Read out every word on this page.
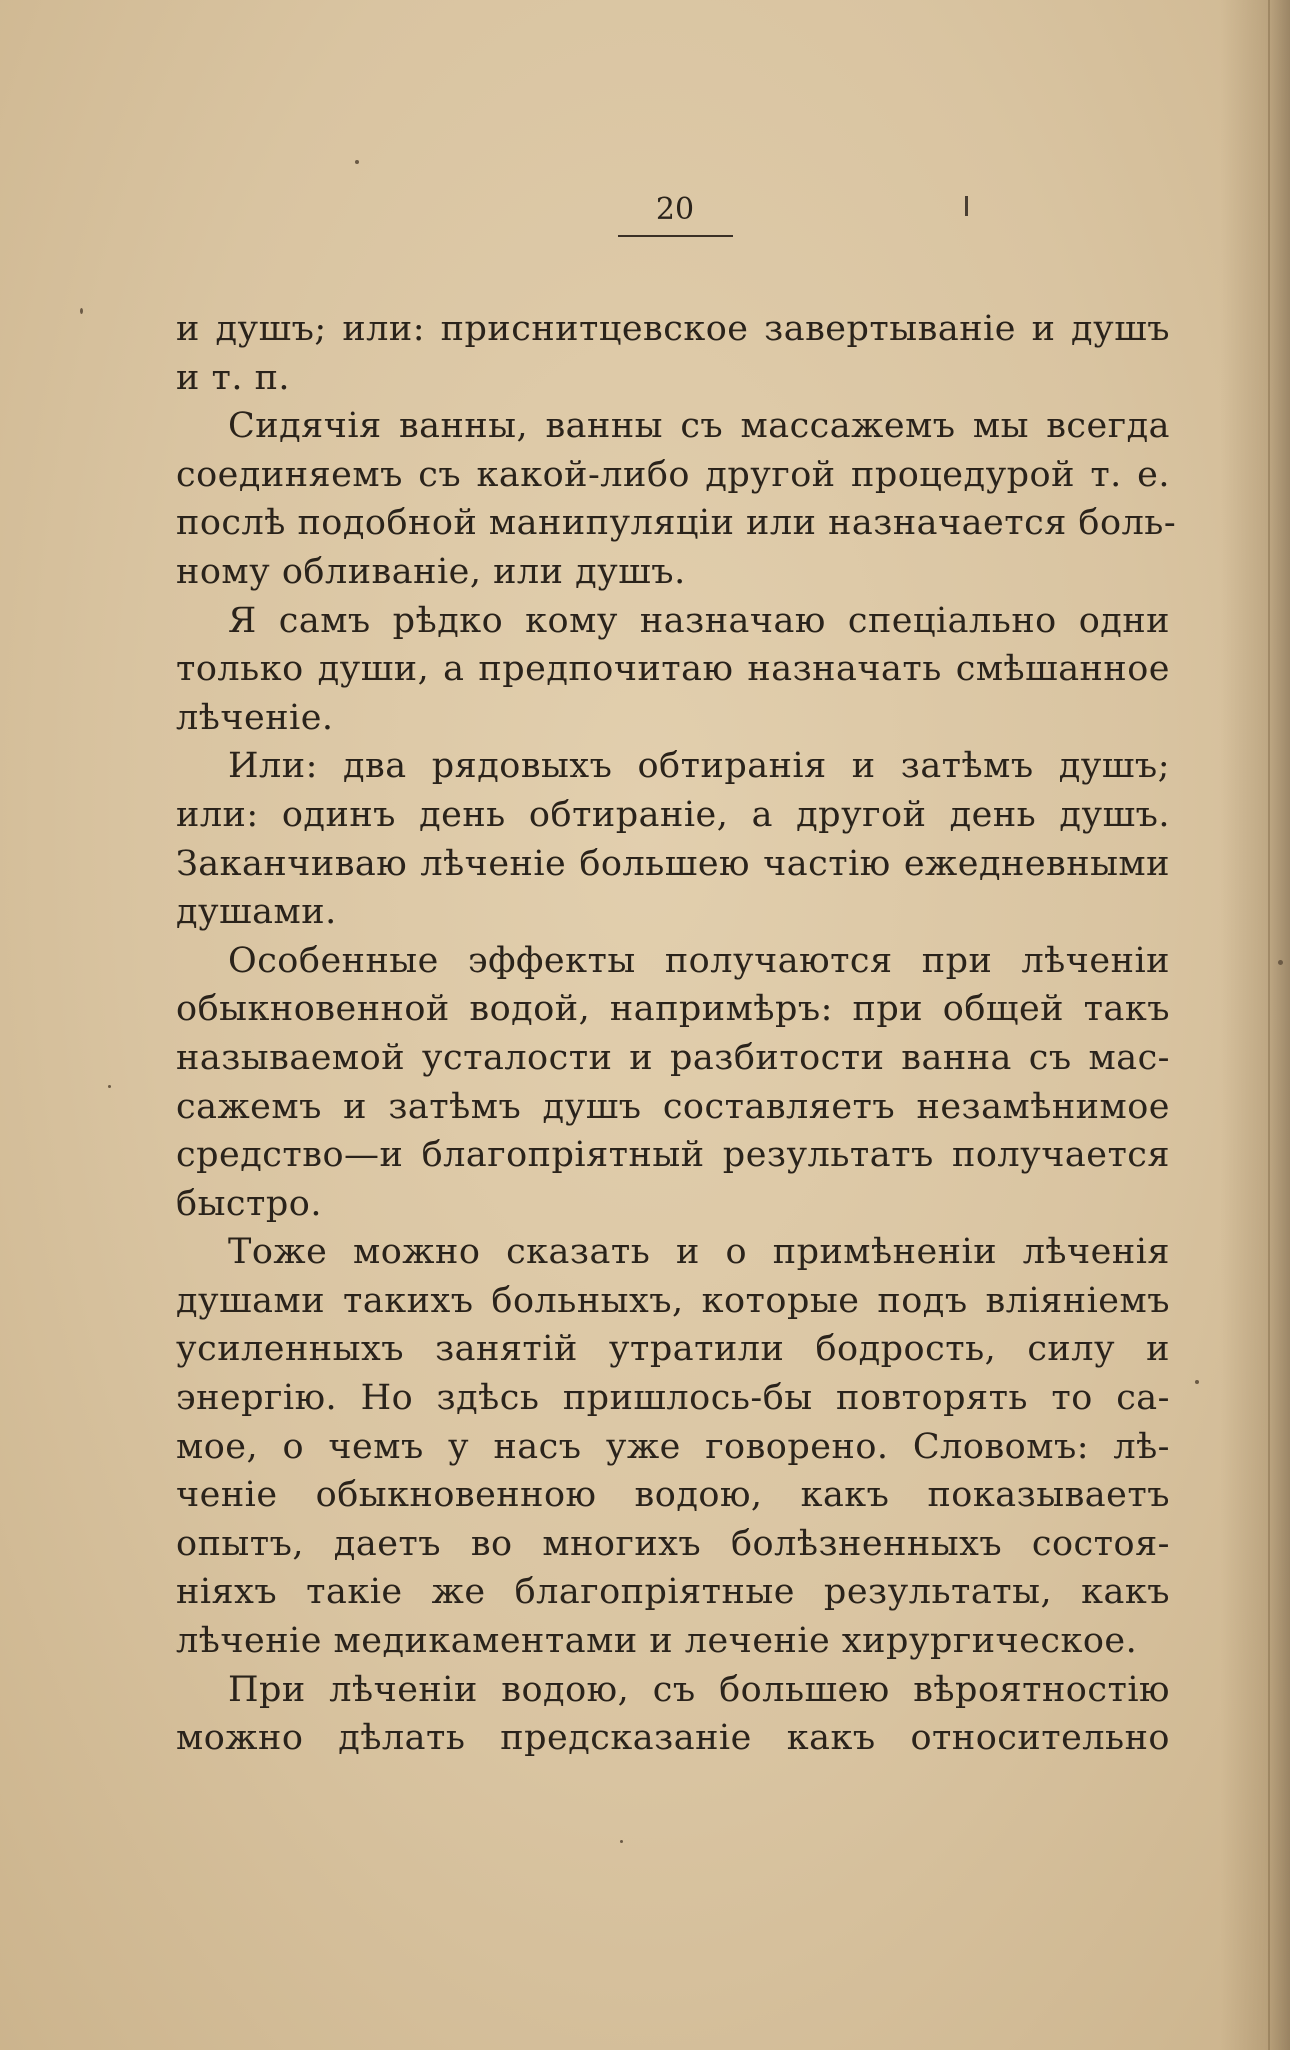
20
и душъ; или: приснитцевское завертываніе и душъ
и т. п.
Сидячія ванны, ванны съ массажемъ мы всегда
соединяемъ съ какой-либо другой процедурой т. е.
послѣ подобной манипуляціи или назначается боль-
ному обливаніе, или душъ.
Я самъ рѣдко кому назначаю спеціально одни
только души, а предпочитаю назначать смѣшанное
лѣченіе.
Или: два рядовыхъ обтиранія и затѣмъ душъ;
или: одинъ день обтираніе, а другой день душъ.
Заканчиваю лѣченіе большею частію ежедневными
душами.
Особенные эффекты получаются при лѣченіи
обыкновенной водой, напримѣръ: при общей такъ
называемой усталости и разбитости ванна съ мас-
сажемъ и затѣмъ душъ составляетъ незамѣнимое
средство—и благопріятный результатъ получается
быстро.
Тоже можно сказать и о примѣненіи лѣченія
душами такихъ больныхъ, которые подъ вліяніемъ
усиленныхъ занятій утратили бодрость, силу и
энергію. Но здѣсь пришлось-бы повторять то са-
мое, о чемъ у насъ уже говорено. Словомъ: лѣ-
ченіе обыкновенною водою, какъ показываетъ
опытъ, даетъ во многихъ болѣзненныхъ состоя-
ніяхъ такіе же благопріятные результаты, какъ
лѣченіе медикаментами и леченіе хирургическое.
При лѣченіи водою, съ большею вѣроятностію
можно дѣлать предсказаніе какъ относительно
